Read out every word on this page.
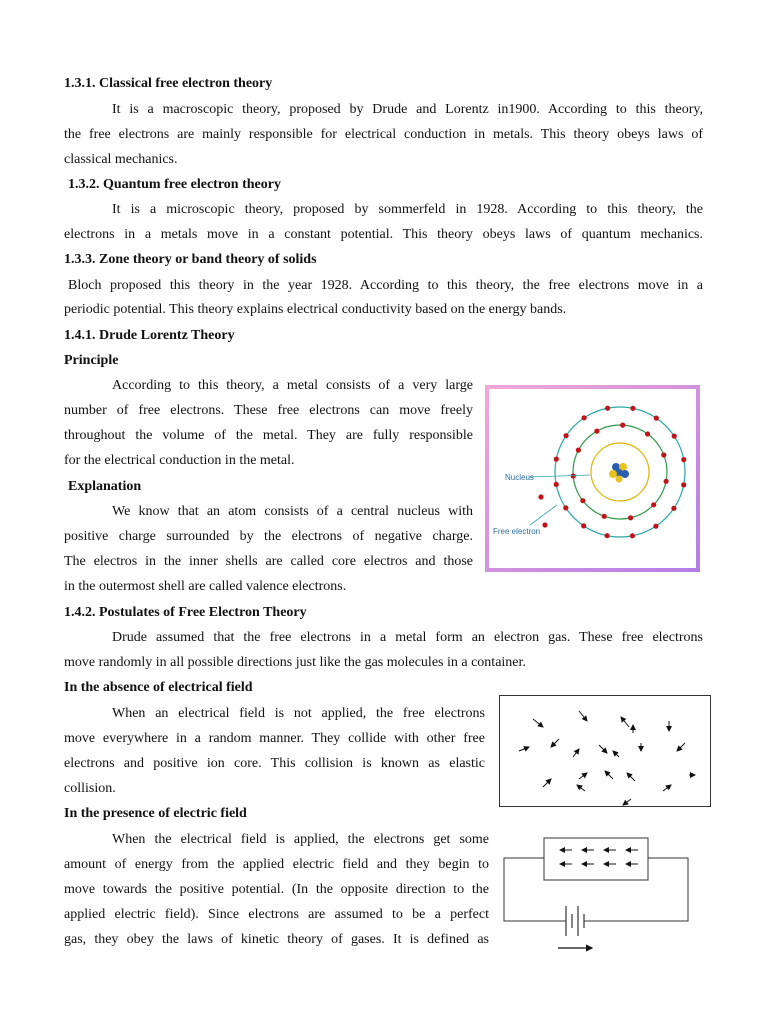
1.3.1. Classical free electron theory
It is a macroscopic theory, proposed by Drude and Lorentz in1900. According to this theory,
the free electrons are mainly responsible for electrical conduction in metals. This theory obeys laws of
classical mechanics.
1.3.2. Quantum free electron theory
It is a microscopic theory, proposed by sommerfeld in 1928. According to this theory, the
electrons in a metals move in a constant potential. This theory obeys laws of quantum mechanics.
1.3.3. Zone theory or band theory of solids
Bloch proposed this theory in the year 1928. According to this theory, the free electrons move in a
periodic potential. This theory explains electrical conductivity based on the energy bands.
1.4.1. Drude Lorentz Theory
Principle
According to this theory, a metal consists of a very large
number of free electrons. These free electrons can move freely
throughout the volume of the metal. They are fully responsible
for the electrical conduction in the metal.
Explanation
We know that an atom consists of a central nucleus with
positive charge surrounded by the electrons of negative charge.
The electros in the inner shells are called core electros and those
in the outermost shell are called valence electrons.
1.4.2. Postulates of Free Electron Theory
Drude assumed that the free electrons in a metal form an electron gas. These free electrons
move randomly in all possible directions just like the gas molecules in a container.
In the absence of electrical field
When an electrical field is not applied, the free electrons
move everywhere in a random manner. They collide with other free
electrons and positive ion core. This collision is known as elastic
collision.
In the presence of electric field
When the electrical field is applied, the electrons get some
amount of energy from the applied electric field and they begin to
move towards the positive potential. (In the opposite direction to the
applied electric field). Since electrons are assumed to be a perfect
gas, they obey the laws of kinetic theory of gases. It is defined as
Nucleus
Free electron
